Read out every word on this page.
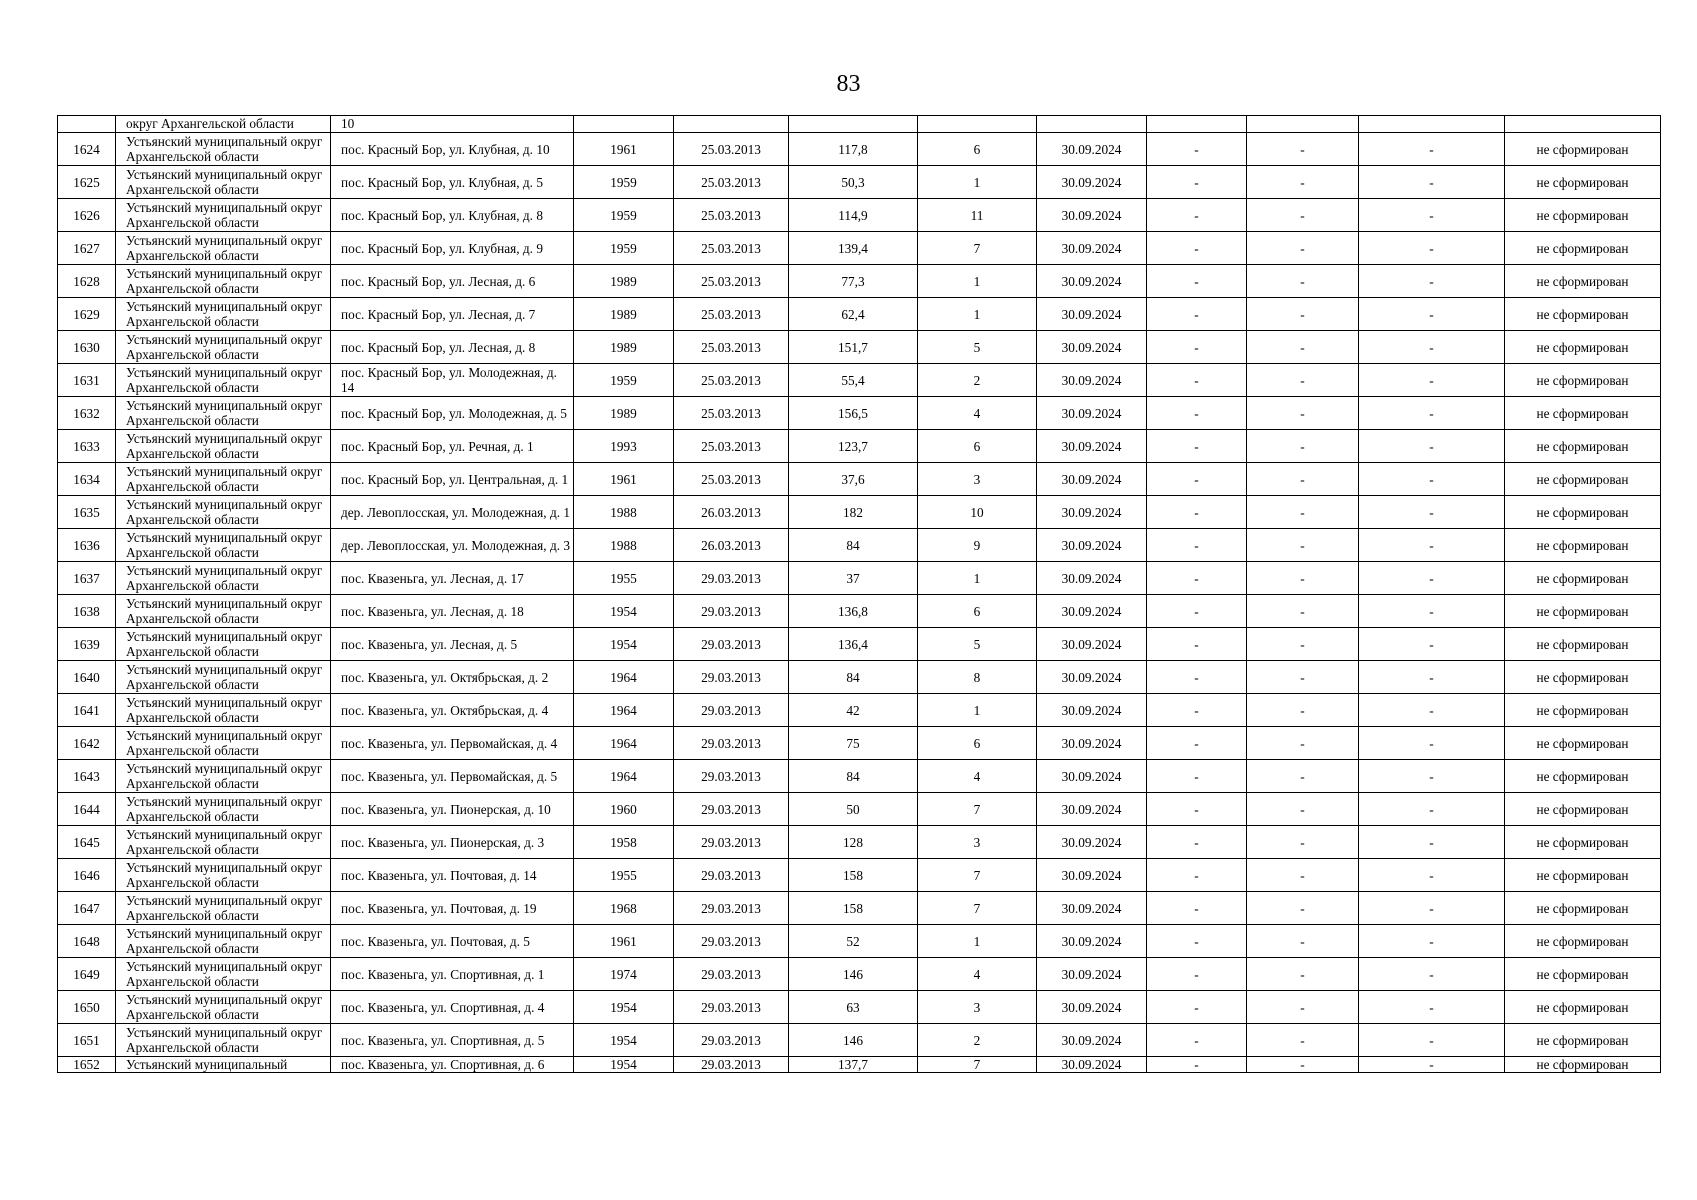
83
	округ Архангельской области	10									
1624	Устьянский муниципальный округ Архангельской области	пос. Красный Бор, ул. Клубная, д. 10	1961	25.03.2013	117,8	6	30.09.2024	-	-	-	не сформирован
1625	Устьянский муниципальный округ Архангельской области	пос. Красный Бор, ул. Клубная, д. 5	1959	25.03.2013	50,3	1	30.09.2024	-	-	-	не сформирован
1626	Устьянский муниципальный округ Архангельской области	пос. Красный Бор, ул. Клубная, д. 8	1959	25.03.2013	114,9	11	30.09.2024	-	-	-	не сформирован
1627	Устьянский муниципальный округ Архангельской области	пос. Красный Бор, ул. Клубная, д. 9	1959	25.03.2013	139,4	7	30.09.2024	-	-	-	не сформирован
1628	Устьянский муниципальный округ Архангельской области	пос. Красный Бор, ул. Лесная, д. 6	1989	25.03.2013	77,3	1	30.09.2024	-	-	-	не сформирован
1629	Устьянский муниципальный округ Архангельской области	пос. Красный Бор, ул. Лесная, д. 7	1989	25.03.2013	62,4	1	30.09.2024	-	-	-	не сформирован
1630	Устьянский муниципальный округ Архангельской области	пос. Красный Бор, ул. Лесная, д. 8	1989	25.03.2013	151,7	5	30.09.2024	-	-	-	не сформирован
1631	Устьянский муниципальный округ Архангельской области	пос. Красный Бор, ул. Молодежная, д. 14	1959	25.03.2013	55,4	2	30.09.2024	-	-	-	не сформирован
1632	Устьянский муниципальный округ Архангельской области	пос. Красный Бор, ул. Молодежная, д. 5	1989	25.03.2013	156,5	4	30.09.2024	-	-	-	не сформирован
1633	Устьянский муниципальный округ Архангельской области	пос. Красный Бор, ул. Речная, д. 1	1993	25.03.2013	123,7	6	30.09.2024	-	-	-	не сформирован
1634	Устьянский муниципальный округ Архангельской области	пос. Красный Бор, ул. Центральная, д. 1	1961	25.03.2013	37,6	3	30.09.2024	-	-	-	не сформирован
1635	Устьянский муниципальный округ Архангельской области	дер. Левоплосская, ул. Молодежная, д. 1	1988	26.03.2013	182	10	30.09.2024	-	-	-	не сформирован
1636	Устьянский муниципальный округ Архангельской области	дер. Левоплосская, ул. Молодежная, д. 3	1988	26.03.2013	84	9	30.09.2024	-	-	-	не сформирован
1637	Устьянский муниципальный округ Архангельской области	пос. Квазеньга, ул. Лесная, д. 17	1955	29.03.2013	37	1	30.09.2024	-	-	-	не сформирован
1638	Устьянский муниципальный округ Архангельской области	пос. Квазеньга, ул. Лесная, д. 18	1954	29.03.2013	136,8	6	30.09.2024	-	-	-	не сформирован
1639	Устьянский муниципальный округ Архангельской области	пос. Квазеньга, ул. Лесная, д. 5	1954	29.03.2013	136,4	5	30.09.2024	-	-	-	не сформирован
1640	Устьянский муниципальный округ Архангельской области	пос. Квазеньга, ул. Октябрьская, д. 2	1964	29.03.2013	84	8	30.09.2024	-	-	-	не сформирован
1641	Устьянский муниципальный округ Архангельской области	пос. Квазеньга, ул. Октябрьская, д. 4	1964	29.03.2013	42	1	30.09.2024	-	-	-	не сформирован
1642	Устьянский муниципальный округ Архангельской области	пос. Квазеньга, ул. Первомайская, д. 4	1964	29.03.2013	75	6	30.09.2024	-	-	-	не сформирован
1643	Устьянский муниципальный округ Архангельской области	пос. Квазеньга, ул. Первомайская, д. 5	1964	29.03.2013	84	4	30.09.2024	-	-	-	не сформирован
1644	Устьянский муниципальный округ Архангельской области	пос. Квазеньга, ул. Пионерская, д. 10	1960	29.03.2013	50	7	30.09.2024	-	-	-	не сформирован
1645	Устьянский муниципальный округ Архангельской области	пос. Квазеньга, ул. Пионерская, д. 3	1958	29.03.2013	128	3	30.09.2024	-	-	-	не сформирован
1646	Устьянский муниципальный округ Архангельской области	пос. Квазеньга, ул. Почтовая, д. 14	1955	29.03.2013	158	7	30.09.2024	-	-	-	не сформирован
1647	Устьянский муниципальный округ Архангельской области	пос. Квазеньга, ул. Почтовая, д. 19	1968	29.03.2013	158	7	30.09.2024	-	-	-	не сформирован
1648	Устьянский муниципальный округ Архангельской области	пос. Квазеньга, ул. Почтовая, д. 5	1961	29.03.2013	52	1	30.09.2024	-	-	-	не сформирован
1649	Устьянский муниципальный округ Архангельской области	пос. Квазеньга, ул. Спортивная, д. 1	1974	29.03.2013	146	4	30.09.2024	-	-	-	не сформирован
1650	Устьянский муниципальный округ Архангельской области	пос. Квазеньга, ул. Спортивная, д. 4	1954	29.03.2013	63	3	30.09.2024	-	-	-	не сформирован
1651	Устьянский муниципальный округ Архангельской области	пос. Квазеньга, ул. Спортивная, д. 5	1954	29.03.2013	146	2	30.09.2024	-	-	-	не сформирован
1652	Устьянский муниципальный	пос. Квазеньга, ул. Спортивная, д. 6	1954	29.03.2013	137,7	7	30.09.2024	-	-	-	не сформирован
